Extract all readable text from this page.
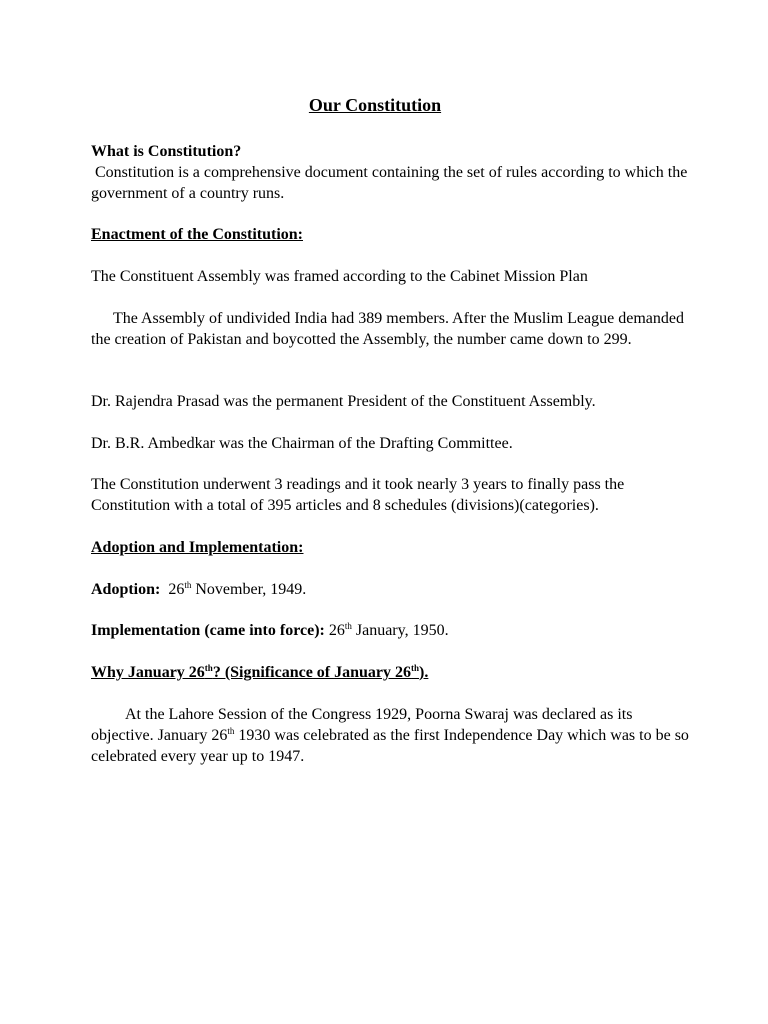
Our Constitution
What is Constitution?
Constitution is a comprehensive document containing the set of rules according to which the government of a country runs.
Enactment of the Constitution:
The Constituent Assembly was framed according to the Cabinet Mission Plan
The Assembly of undivided India had 389 members. After the Muslim League demanded the creation of Pakistan and boycotted the Assembly, the number came down to 299.
Dr. Rajendra Prasad was the permanent President of the Constituent Assembly.
Dr. B.R. Ambedkar was the Chairman of the Drafting Committee.
The Constitution underwent 3 readings and it took nearly 3 years to finally pass the Constitution with a total of 395 articles and 8 schedules (divisions)(categories).
Adoption and Implementation:
Adoption: 26th November, 1949.
Implementation (came into force): 26th January, 1950.
Why January 26th? (Significance of January 26th).
At the Lahore Session of the Congress 1929, Poorna Swaraj was declared as its objective. January 26th 1930 was celebrated as the first Independence Day which was to be so celebrated every year up to 1947.
